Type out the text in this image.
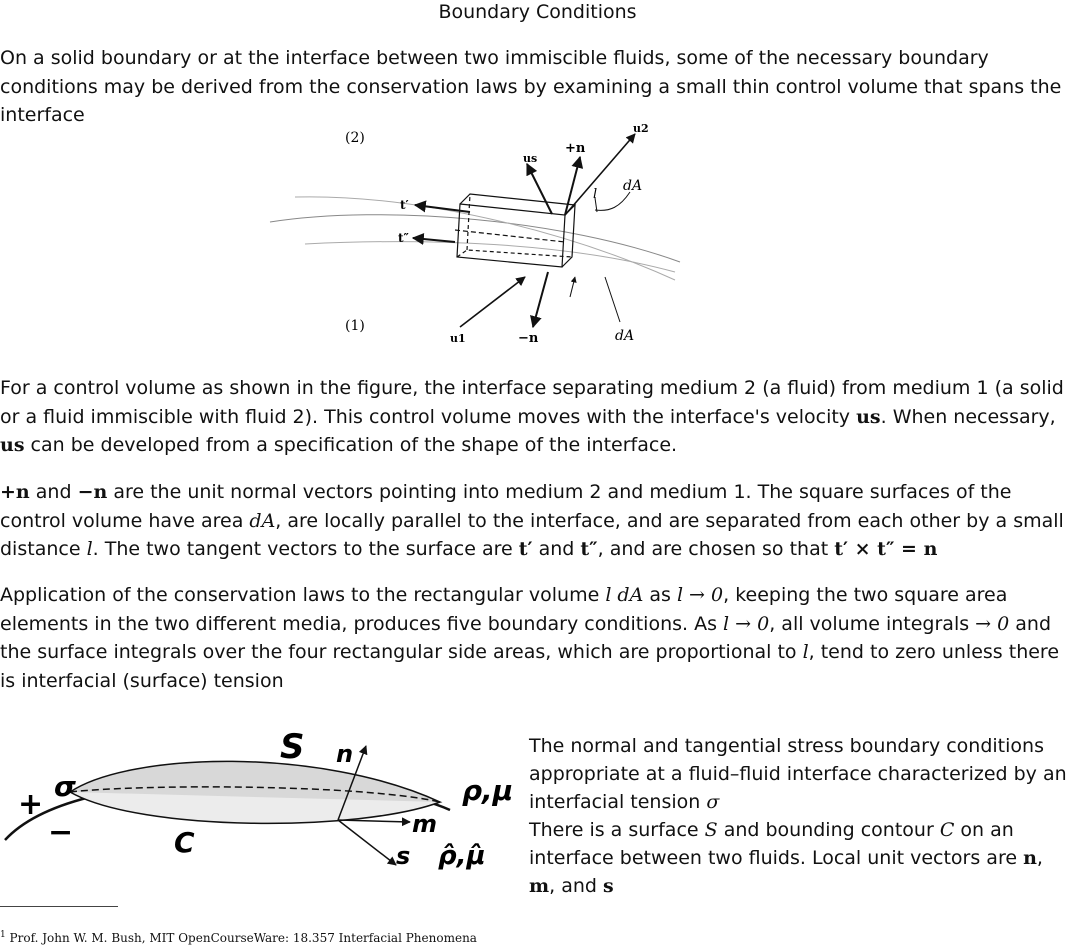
Boundary Conditions

On a solid boundary or at the interface between two immiscible fluids, some of the necessary boundary conditions may be derived from the conservation laws by examining a small thin control volume that spans the interface

(2)
(1)
us
+n
u2
dA
l
t′
t″
u1	−n	dA

For a control volume as shown in the figure, the interface separating medium 2 (a fluid) from medium 1 (a solid or a fluid immiscible with fluid 2). This control volume moves with the interface's velocity us. When necessary, us can be developed from a specification of the shape of the interface.

+n and −n are the unit normal vectors pointing into medium 2 and medium 1. The square surfaces of the control volume have area dA, are locally parallel to the interface, and are separated from each other by a small distance l. The two tangent vectors to the surface are t′ and t″, and are chosen so that t′ × t″ = n

Application of the conservation laws to the rectangular volume l dA as l → 0, keeping the two square area elements in the two different media, produces five boundary conditions. As l → 0, all volume integrals → 0 and the surface integrals over the four rectangular side areas, which are proportional to l, tend to zero unless there is interfacial (surface) tension

S n
+
−
σ
C
ρ,μ
m
s ρ̂,μ̂

The normal and tangential stress boundary conditions appropriate at a fluid–fluid interface characterized by an interfacial tension σ
There is a surface S and bounding contour C on an interface between two fluids. Local unit vectors are n, m, and s

$^1$ Prof. John W. M. Bush, MIT OpenCourseWare: 18.357 Interfacial Phenomena
